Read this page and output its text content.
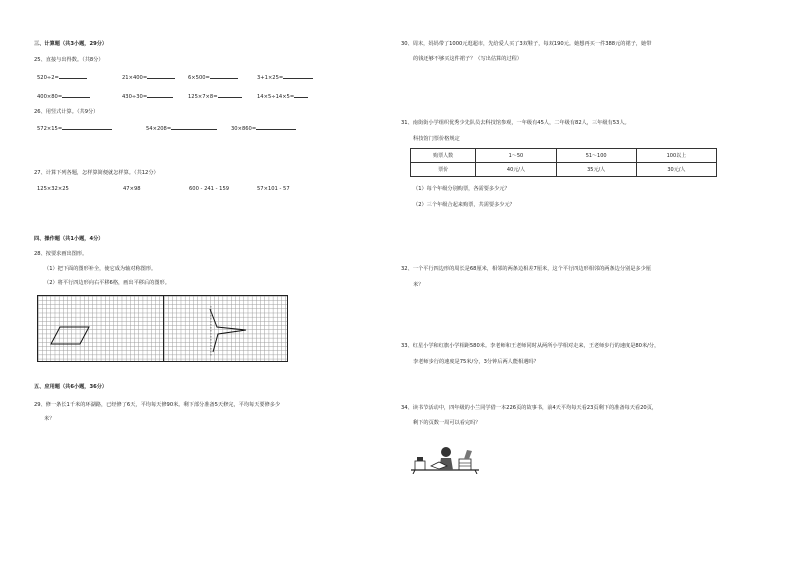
三、计算题（共3小题，29分）
25、直接与出得数。（共8分）
520÷2=	21×400=	6×500=	3+1×25=
400×80=	430÷30=	125×7×8=	14×5÷14×5=
26、用竖式计算。（共9分）
572×15=	54×208=	30×860=
27、计算下列各题，怎样算简便就怎样算。（共12分）
125×32×25	47×98	600 - 241 - 159	57×101 - 57
四、操作题（共1小题，4分）
28、按要求画出图形。
（1）把下面的图形补全，使它成为轴对称图形。
（2）将平行四边形向右平移6格，画出平移后的图形。
五、应用题（共6小题，36分）
29、修一条长1千米的环湖路，已经修了6天，平均每天修90米。剩下部分准备5天修完，平均每天要修多少
米？
30、周末，妈妈带了1000元逛超市，先给爱人买了3双鞋子，每双190元。她想再买一件388元的裙子，她带
的钱还够不够买这件裙子？（写出估算的过程）
31、南街街小学组织优秀少先队员去科技馆参观，一年级有45人，二年级有82人，三年级有53人。
科技馆门票价格规定
购票人数	1～50	51～100	100以上
票价	40元/人	35元/人	30元/人
（1）每个年级分别购票，各需要多少元？
（2）三个年级合起来购票，共需要多少元？
32、一个平行四边形的周长是68厘米，相邻的两条边相差7厘米，这个平行四边形相邻的两条边分别是多少厘
米？
33、红星小学和红旗小学相距580米。李老师和王老师同时从两所小学相对走来，王老师步行的速度是80米/分，
李老师步行的速度是75米/分，3分钟后两人能相遇吗？
34、读书节活动中，四年级的小兰同学借一本226页的故事书，前4天平均每天看23页剩下的准备每天看20页，
剩下的页数一周可以看完吗？
